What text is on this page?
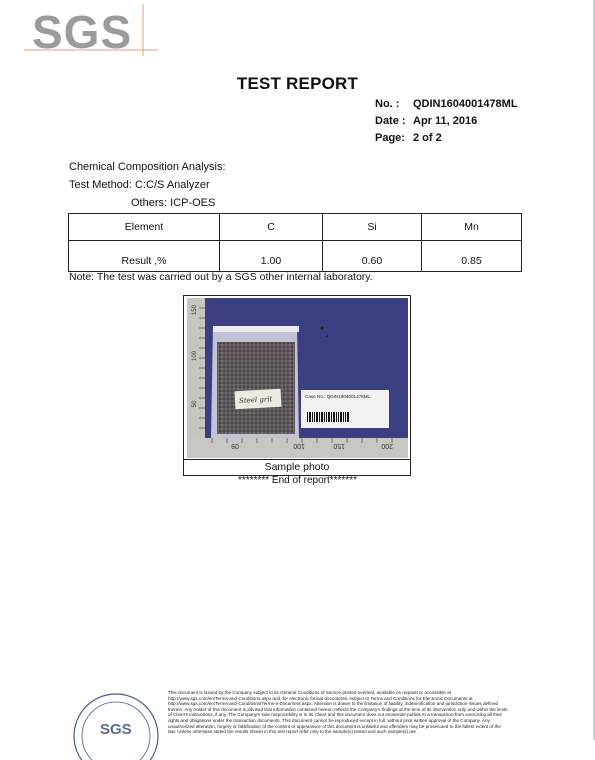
SGS
TEST REPORT
No. :	QDIN1604001478ML
Date : Apr 11, 2016
Page: 2 of 2
Chemical Composition Analysis:
Test Method: C:C/S Analyzer
Others: ICP-OES
Element	C	Si	Mn
Result ,%	1.00	0.60	0.85
Note: The test was carried out by a SGS other internal laboratory.
150
100
50
09	100	150	200
Steel grit	Case No.: QDIN1604001478ML
Sample photo
******** End of report*******
SGS
This document is issued by the Company subject to its General Conditions of Service printed overleaf, available on request or accessible at http://www.sgs.com/en/Terms-and-Conditions.aspx and, for electronic format documents, subject to Terms and Conditions for Electronic Documents at http://www.sgs.com/en/Terms-and-Conditions/Terms-e-Document.aspx. Attention is drawn to the limitation of liability, indemnification and jurisdiction issues defined therein. Any holder of this document is advised that information contained hereon reflects the Company's findings at the time of its intervention only and within the limits of Client's instructions, if any. The Company's sole responsibility is to its Client and this document does not exonerate parties to a transaction from exercising all their rights and obligations under the transaction documents. This document cannot be reproduced except in full, without prior written approval of the Company. Any unauthorized alteration, forgery or falsification of the content or appearance of this document is unlawful and offenders may be prosecuted to the fullest extent of the law. Unless otherwise stated the results shown in this test report refer only to the sample(s) tested and such sample(s) are
